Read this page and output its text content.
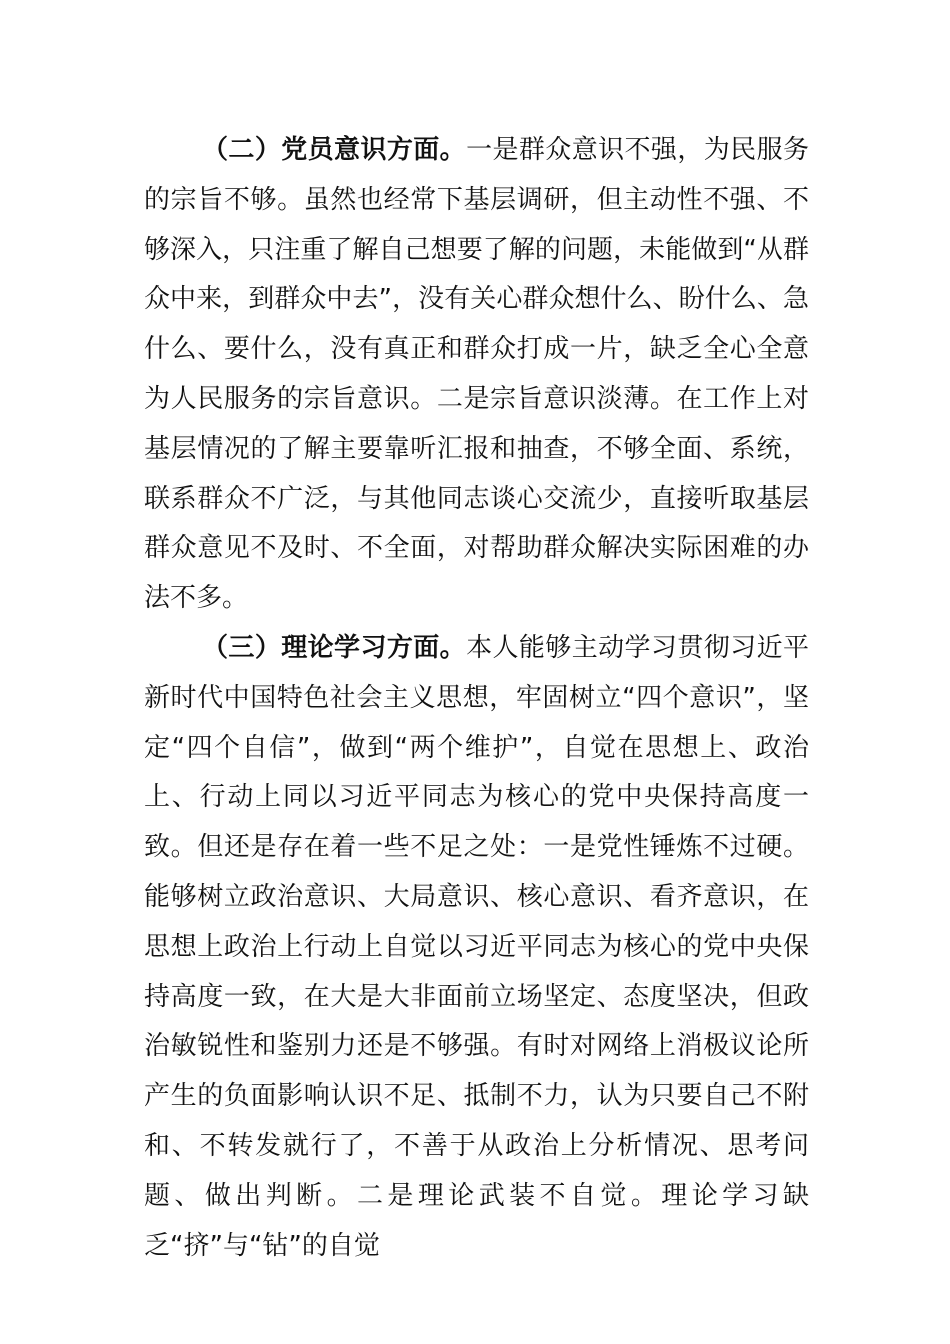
（二）党员意识方面。一是群众意识不强，为民服务的宗旨不够。虽然也经常下基层调研，但主动性不强、不够深入，只注重了解自己想要了解的问题，未能做到“从群众中来，到群众中去”，没有关心群众想什么、盼什么、急什么、要什么，没有真正和群众打成一片，缺乏全心全意为人民服务的宗旨意识。二是宗旨意识淡薄。在工作上对基层情况的了解主要靠听汇报和抽查，不够全面、系统，联系群众不广泛，与其他同志谈心交流少，直接听取基层群众意见不及时、不全面，对帮助群众解决实际困难的办法不多。

（三）理论学习方面。本人能够主动学习贯彻习近平新时代中国特色社会主义思想，牢固树立“四个意识”，坚定“四个自信”，做到“两个维护”，自觉在思想上、政治上、行动上同以习近平同志为核心的党中央保持高度一致。但还是存在着一些不足之处：一是党性锤炼不过硬。能够树立政治意识、大局意识、核心意识、看齐意识，在思想上政治上行动上自觉以习近平同志为核心的党中央保持高度一致，在大是大非面前立场坚定、态度坚决，但政治敏锐性和鉴别力还是不够强。有时对网络上消极议论所产生的负面影响认识不足、抵制不力，认为只要自己不附和、不转发就行了，不善于从政治上分析情况、思考问题、做出判断。二是理论武装不自觉。理论学习缺乏“挤”与“钻”的自觉
